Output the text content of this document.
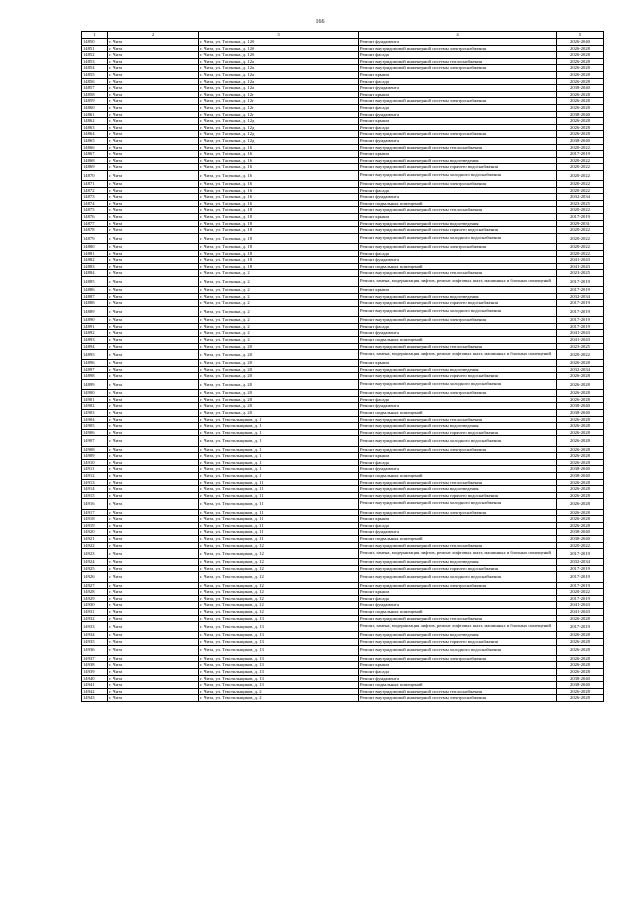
166
1	2	3	4	5
14850	г. Чита	г. Чита, ул. Тасенина, д. 12б	Ремонт фундамента	2026-2040
14851	г. Чита	г. Чита, ул. Тасенина, д. 12б	Ремонт внутридомовой инженерной системы электроснабжения	2026-2028
14852	г. Чита	г. Чита, ул. Тасенина, д. 12б	Ремонт фасада	2026-2028
14853	г. Чита	г. Чита, ул. Тасенина, д. 12а	Ремонт внутридомовой инженерной системы теплоснабжения	2026-2028
14854	г. Чита	г. Чита, ул. Тасенина, д. 12а	Ремонт внутридомовой инженерной системы электроснабжения	2026-2028
14855	г. Чита	г. Чита, ул. Тасенина, д. 12а	Ремонт крыши	2026-2028
14856	г. Чита	г. Чита, ул. Тасенина, д. 12а	Ремонт фасада	2026-2028
14857	г. Чита	г. Чита, ул. Тасенина, д. 12а	Ремонт фундамента	2038-2040
14858	г. Чита	г. Чита, ул. Тасенина, д. 12г	Ремонт крыши	2026-2028
14859	г. Чита	г. Чита, ул. Тасенина, д. 12г	Ремонт внутридомовой инженерной системы электроснабжения	2026-2028
14860	г. Чита	г. Чита, ул. Тасенина, д. 12г	Ремонт фасада	2026-2028
14861	г. Чита	г. Чита, ул. Тасенина, д. 12г	Ремонт фундамента	2038-2040
14862	г. Чита	г. Чита, ул. Тасенина, д. 12д	Ремонт крыши	2026-2028
14863	г. Чита	г. Чита, ул. Тасенина, д. 12д	Ремонт фасада	2026-2028
14864	г. Чита	г. Чита, ул. Тасенина, д. 12д	Ремонт внутридомовой инженерной системы электроснабжения	2026-2028
14865	г. Чита	г. Чита, ул. Тасенина, д. 12д	Ремонт фундамента	2038-2040
14866	г. Чита	г. Чита, ул. Тасенина, д. 16	Ремонт внутридомовой инженерной системы теплоснабжения	2020-2022
14867	г. Чита	г. Чита, ул. Тасенина, д. 16	Ремонт крыши	2017-2019
14868	г. Чита	г. Чита, ул. Тасенина, д. 16	Ремонт внутридомовой инженерной системы водоотведения	2020-2022
14869	г. Чита	г. Чита, ул. Тасенина, д. 16	Ремонт внутридомовой инженерной системы горячего водоснабжения	2020-2022
14870	г. Чита	г. Чита, ул. Тасенина, д. 16	Ремонт внутридомовой инженерной системы холодного водоснабжения	2020-2022
14871	г. Чита	г. Чита, ул. Тасенина, д. 16	Ремонт внутридомовой инженерной системы электроснабжения	2020-2022
14872	г. Чита	г. Чита, ул. Тасенина, д. 16	Ремонт фасада	2020-2022
14873	г. Чита	г. Чита, ул. Тасенина, д. 16	Ремонт фундамента	2032-2034
14874	г. Чита	г. Чита, ул. Тасенина, д. 16	Ремонт подвальных помещений	2023-2025
14875	г. Чита	г. Чита, ул. Тасенина, д. 18	Ремонт внутридомовой инженерной системы теплоснабжения	2020-2022
14876	г. Чита	г. Чита, ул. Тасенина, д. 18	Ремонт крыши	2017-2019
14877	г. Чита	г. Чита, ул. Тасенина, д. 18	Ремонт внутридомовой инженерной системы водоотведения	2029-2031
14878	г. Чита	г. Чита, ул. Тасенина, д. 18	Ремонт внутридомовой инженерной системы горячего водоснабжения	2020-2022
14879	г. Чита	г. Чита, ул. Тасенина, д. 18	Ремонт внутридомовой инженерной системы холодного водоснабжения	2020-2022
14880	г. Чита	г. Чита, ул. Тасенина, д. 18	Ремонт внутридомовой инженерной системы электроснабжения	2020-2022
14881	г. Чита	г. Чита, ул. Тасенина, д. 18	Ремонт фасада	2020-2022
14882	г. Чита	г. Чита, ул. Тасенина, д. 18	Ремонт фундамента	2041-2043
14883	г. Чита	г. Чита, ул. Тасенина, д. 18	Ремонт подвальных помещений	2041-2043
14884	г. Чита	г. Чита, ул. Тасенина, д. 2	Ремонт внутридомовой инженерной системы теплоснабжения	2023-2025
14885	г. Чита	г. Чита, ул. Тасенина, д. 2	Ремонт, замена, модернизация лифтов, ремонт лифтовых шахт, машинных и блочных помещений	2017-2019
14886	г. Чита	г. Чита, ул. Тасенина, д. 2	Ремонт крыши	2017-2019
14887	г. Чита	г. Чита, ул. Тасенина, д. 2	Ремонт внутридомовой инженерной системы водоотведения	2032-2034
14888	г. Чита	г. Чита, ул. Тасенина, д. 2	Ремонт внутридомовой инженерной системы горячего водоснабжения	2017-2019
14889	г. Чита	г. Чита, ул. Тасенина, д. 2	Ремонт внутридомовой инженерной системы холодного водоснабжения	2017-2019
14890	г. Чита	г. Чита, ул. Тасенина, д. 2	Ремонт внутридомовой инженерной системы электроснабжения	2017-2019
14891	г. Чита	г. Чита, ул. Тасенина, д. 2	Ремонт фасада	2017-2019
14892	г. Чита	г. Чита, ул. Тасенина, д. 2	Ремонт фундамента	2041-2043
14893	г. Чита	г. Чита, ул. Тасенина, д. 2	Ремонт подвальных помещений	2041-2043
14894	г. Чита	г. Чита, ул. Тасенина, д. 20	Ремонт внутридомовой инженерной системы теплоснабжения	2023-2025
14895	г. Чита	г. Чита, ул. Тасенина, д. 20	Ремонт, замена, модернизация лифтов, ремонт лифтовых шахт, машинных и блочных помещений	2020-2022
14896	г. Чита	г. Чита, ул. Тасенина, д. 20	Ремонт крыши	2026-2028
14897	г. Чита	г. Чита, ул. Тасенина, д. 20	Ремонт внутридомовой инженерной системы водоотведения	2032-2034
14898	г. Чита	г. Чита, ул. Тасенина, д. 20	Ремонт внутридомовой инженерной системы горячего водоснабжения	2026-2028
14899	г. Чита	г. Чита, ул. Тасенина, д. 20	Ремонт внутридомовой инженерной системы холодного водоснабжения	2026-2028
14900	г. Чита	г. Чита, ул. Тасенина, д. 20	Ремонт внутридомовой инженерной системы электроснабжения	2026-2028
14901	г. Чита	г. Чита, ул. Тасенина, д. 20	Ремонт фасада	2026-2028
14902	г. Чита	г. Чита, ул. Тасенина, д. 20	Ремонт фундамента	2038-2040
14903	г. Чита	г. Чита, ул. Тасенина, д. 20	Ремонт подвальных помещений	2038-2040
14904	г. Чита	г. Чита, ул. Текстильщиков, д. 1	Ремонт внутридомовой инженерной системы теплоснабжения	2026-2028
14905	г. Чита	г. Чита, ул. Текстильщиков, д. 1	Ремонт внутридомовой инженерной системы водоотведения	2026-2028
14906	г. Чита	г. Чита, ул. Текстильщиков, д. 1	Ремонт внутридомовой инженерной системы горячего водоснабжения	2026-2028
14907	г. Чита	г. Чита, ул. Текстильщиков, д. 1	Ремонт внутридомовой инженерной системы холодного водоснабжения	2026-2028
14908	г. Чита	г. Чита, ул. Текстильщиков, д. 1	Ремонт внутридомовой инженерной системы электроснабжения	2026-2028
14909	г. Чита	г. Чита, ул. Текстильщиков, д. 1	Ремонт крыши	2026-2028
14910	г. Чита	г. Чита, ул. Текстильщиков, д. 1	Ремонт фасада	2026-2028
14911	г. Чита	г. Чита, ул. Текстильщиков, д. 1	Ремонт фундамента	2038-2040
14912	г. Чита	г. Чита, ул. Текстильщиков, д. 1	Ремонт подвальных помещений	2038-2040
14913	г. Чита	г. Чита, ул. Текстильщиков, д. 11	Ремонт внутридомовой инженерной системы теплоснабжения	2026-2028
14914	г. Чита	г. Чита, ул. Текстильщиков, д. 11	Ремонт внутридомовой инженерной системы водоотведения	2026-2028
14915	г. Чита	г. Чита, ул. Текстильщиков, д. 11	Ремонт внутридомовой инженерной системы горячего водоснабжения	2026-2028
14916	г. Чита	г. Чита, ул. Текстильщиков, д. 11	Ремонт внутридомовой инженерной системы холодного водоснабжения	2026-2028
14917	г. Чита	г. Чита, ул. Текстильщиков, д. 11	Ремонт внутридомовой инженерной системы электроснабжения	2026-2028
14918	г. Чита	г. Чита, ул. Текстильщиков, д. 11	Ремонт крыши	2026-2028
14919	г. Чита	г. Чита, ул. Текстильщиков, д. 11	Ремонт фасада	2026-2028
14920	г. Чита	г. Чита, ул. Текстильщиков, д. 11	Ремонт фундамента	2038-2040
14921	г. Чита	г. Чита, ул. Текстильщиков, д. 11	Ремонт подвальных помещений	2038-2040
14922	г. Чита	г. Чита, ул. Текстильщиков, д. 12	Ремонт внутридомовой инженерной системы теплоснабжения	2020-2022
14923	г. Чита	г. Чита, ул. Текстильщиков, д. 12	Ремонт, замена, модернизация лифтов, ремонт лифтовых шахт, машинных и блочных помещений	2017-2019
14924	г. Чита	г. Чита, ул. Текстильщиков, д. 12	Ремонт внутридомовой инженерной системы водоотведения	2032-2034
14925	г. Чита	г. Чита, ул. Текстильщиков, д. 12	Ремонт внутридомовой инженерной системы горячего водоснабжения	2017-2019
14926	г. Чита	г. Чита, ул. Текстильщиков, д. 12	Ремонт внутридомовой инженерной системы холодного водоснабжения	2017-2019
14927	г. Чита	г. Чита, ул. Текстильщиков, д. 12	Ремонт внутридомовой инженерной системы электроснабжения	2017-2019
14928	г. Чита	г. Чита, ул. Текстильщиков, д. 12	Ремонт крыши	2020-2022
14929	г. Чита	г. Чита, ул. Текстильщиков, д. 12	Ремонт фасада	2017-2019
14930	г. Чита	г. Чита, ул. Текстильщиков, д. 12	Ремонт фундамента	2041-2043
14931	г. Чита	г. Чита, ул. Текстильщиков, д. 12	Ремонт подвальных помещений	2041-2043
14932	г. Чита	г. Чита, ул. Текстильщиков, д. 13	Ремонт внутридомовой инженерной системы теплоснабжения	2026-2028
14933	г. Чита	г. Чита, ул. Текстильщиков, д. 13	Ремонт, замена, модернизация лифтов, ремонт лифтовых шахт, машинных и блочных помещений	2017-2019
14934	г. Чита	г. Чита, ул. Текстильщиков, д. 13	Ремонт внутридомовой инженерной системы водоотведения	2026-2028
14935	г. Чита	г. Чита, ул. Текстильщиков, д. 13	Ремонт внутридомовой инженерной системы горячего водоснабжения	2026-2028
14936	г. Чита	г. Чита, ул. Текстильщиков, д. 13	Ремонт внутридомовой инженерной системы холодного водоснабжения	2026-2028
14937	г. Чита	г. Чита, ул. Текстильщиков, д. 13	Ремонт внутридомовой инженерной системы электроснабжения	2026-2028
14938	г. Чита	г. Чита, ул. Текстильщиков, д. 13	Ремонт крыши	2026-2028
14939	г. Чита	г. Чита, ул. Текстильщиков, д. 13	Ремонт фасада	2026-2028
14940	г. Чита	г. Чита, ул. Текстильщиков, д. 13	Ремонт фундамента	2038-2040
14941	г. Чита	г. Чита, ул. Текстильщиков, д. 13	Ремонт подвальных помещений	2038-2040
14942	г. Чита	г. Чита, ул. Текстильщиков, д. 2	Ремонт внутридомовой инженерной системы теплоснабжения	2026-2028
14943	г. Чита	г. Чита, ул. Текстильщиков, д. 2	Ремонт внутридомовой инженерной системы электроснабжения	2026-2028
